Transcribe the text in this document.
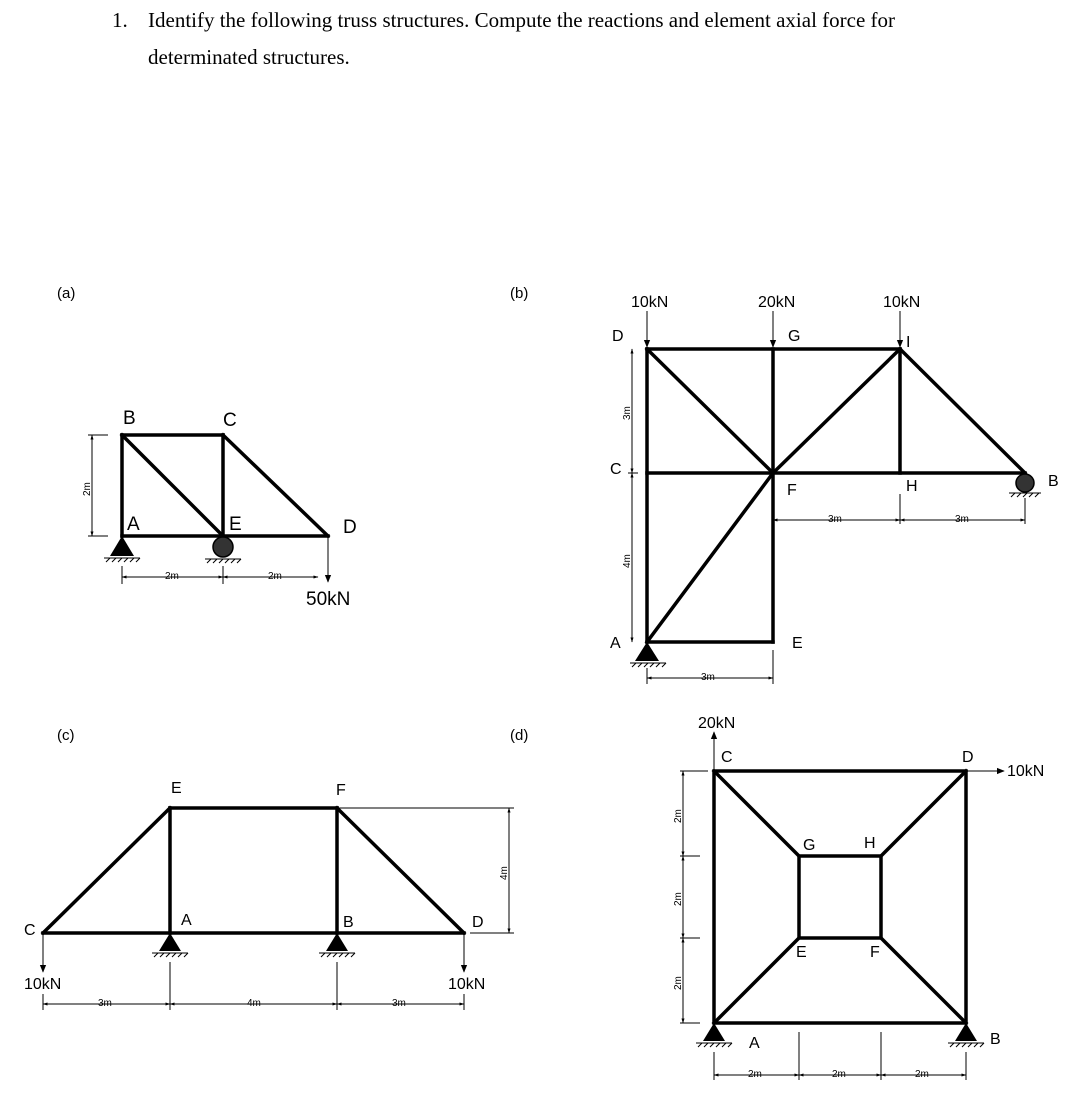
1. Identify the following truss structures. Compute the reactions and element axial force for determinated structures.
(a)
50kN
B	C
A	E	D
2m
2m	2m
(b)
10kN	20kN	10kN
D	G	I
C
F	H	B
A	E
3m
4m
3m
3m	3m
(c)
10kN	10kN
C
E	F
A	B	D
3m	4m	3m
4m
(d)
20kN
10kN
C	D
G	H
E	F
A	B
2m
2m
2m
2m	2m	2m
